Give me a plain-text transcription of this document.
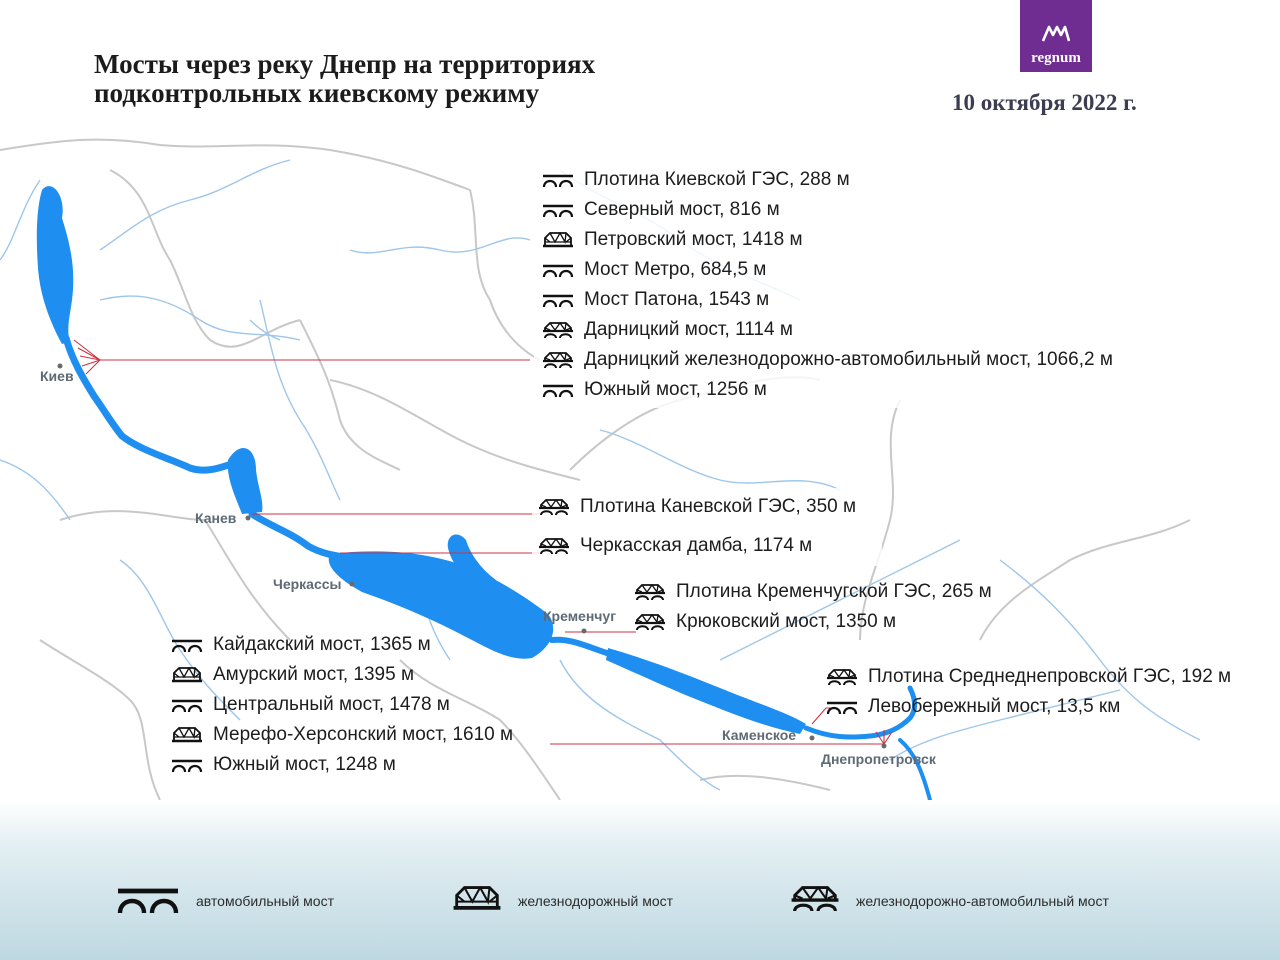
Мосты через реку Днепр на территориях
подконтрольных киевскому режиму	10 октября 2022 г.
regnum
Киев
Канев
Черкассы
Кременчуг
Каменское
Днепропетровск
Плотина Киевской ГЭС, 288 м
Северный мост, 816 м
Петровский мост, 1418 м
Мост Метро, 684,5 м
Мост Патона, 1543 м
Дарницкий мост, 1114 м
Дарницкий железнодорожно-автомобильный мост, 1066,2 м
Южный мост, 1256 м
Плотина Каневской ГЭС, 350 м
Черкасская дамба, 1174 м
Плотина Кременчугской ГЭС, 265 м
Крюковский мост, 1350 м
Плотина Среднеднепровской ГЭС, 192 м
Левобережный мост, 13,5 км
Кайдакский мост, 1365 м
Амурский мост, 1395 м
Центральный мост, 1478 м
Мерефо-Херсонский мост, 1610 м
Южный мост, 1248 м
автомобильный мост	железнодорожный мост	железнодорожно-автомобильный мост
